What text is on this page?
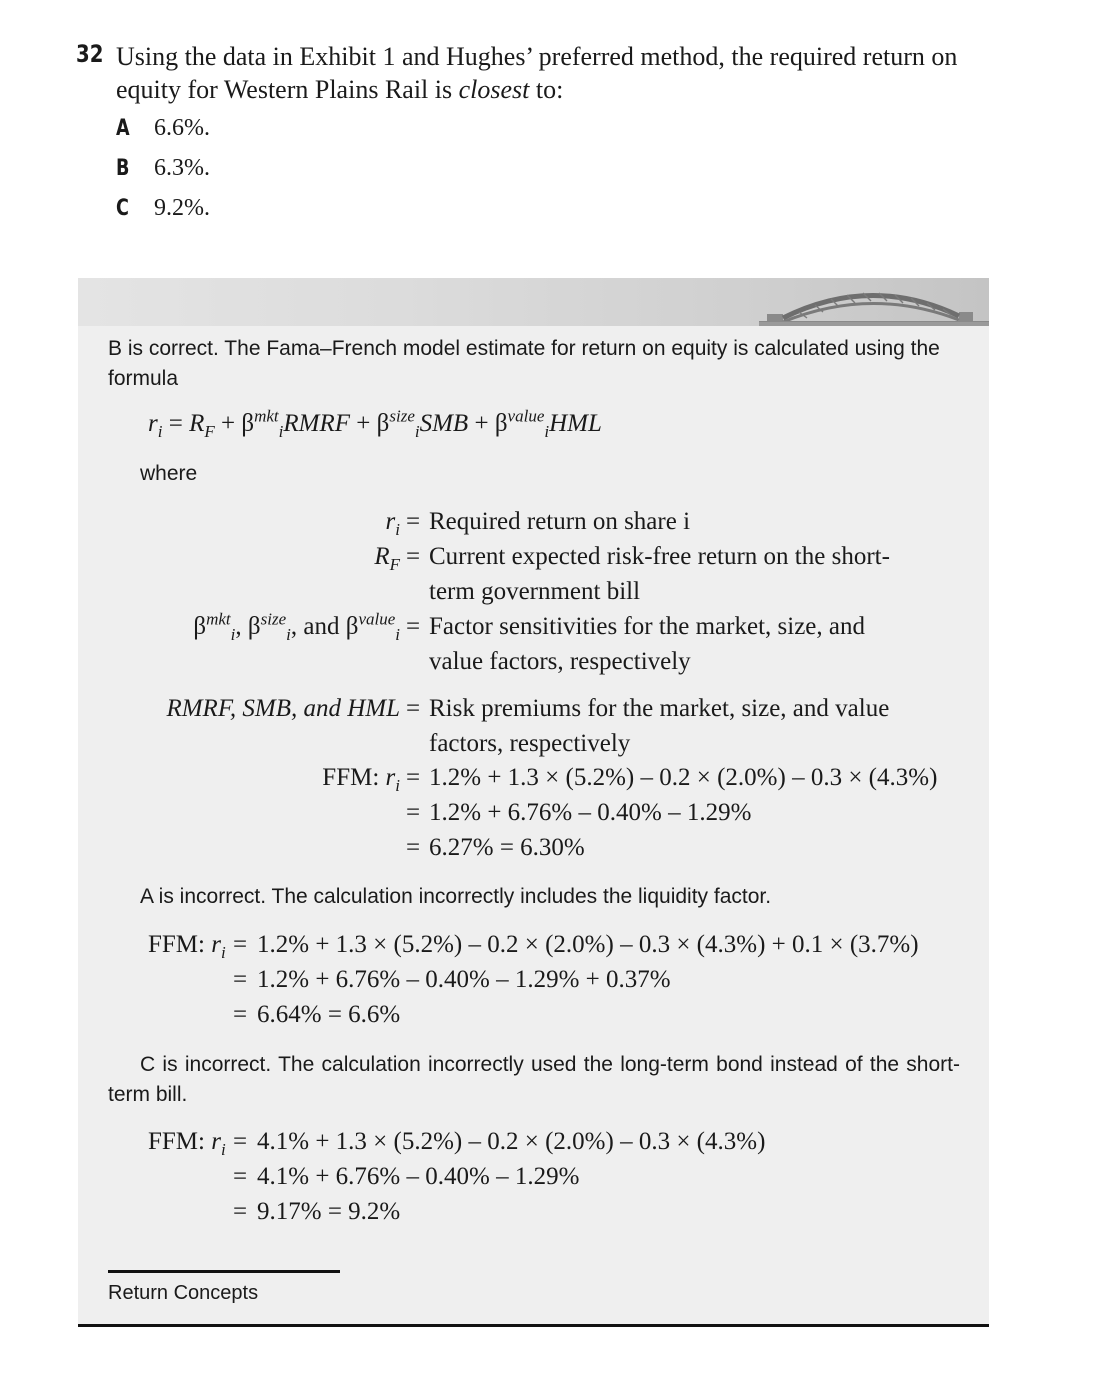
32 Using the data in Exhibit 1 and Hughes’ preferred method, the required return on equity for Western Plains Rail is closest to:
A 6.6%.
B 6.3%.
C 9.2%.
B is correct. The Fama–French model estimate for return on equity is calculated using the formula
$r_i = R_F$ + $\beta^{mkt}_iRMRF + \beta^{size}_iSMB + \beta^{value}_iHML$
where
$r_i$ = Required return on share i
$R_F$ = Current expected risk-free return on the short-
term government bill
$\beta^{mkt}_i$, $\beta^{size}_i$, and $\beta^{value}_i$ = Factor sensitivities for the market, size, and
value factors, respectively
RMRF, SMB, and HML = Risk premiums for the market, size, and value
factors, respectively
FFM: $r_i = 1.2\% + 1.3 \times (5.2\%) - 0.2 \times (2.0\%) - 0.3 \times (4.3\%)$
= 1.2% + 6.76% – 0.40% – 1.29%
= 6.27% = 6.30%
A is incorrect. The calculation incorrectly includes the liquidity factor.
FFM: $r_i = 1.2\% + 1.3 \times (5.2\%) - 0.2 \times (2.0\%) - 0.3 \times (4.3\%) + 0.1 \times (3.7\%)$
= 1.2% + 6.76% – 0.40% – 1.29% + 0.37%
= 6.64% = 6.6%
C is incorrect. The calculation incorrectly used the long-term bond instead of the short-term bill.
FFM: $r_i = 4.1\% + 1.3 \times (5.2\%) - 0.2 \times (2.0\%) - 0.3 \times (4.3\%)$
= 4.1% + 6.76% – 0.40% – 1.29%
= 9.17% = 9.2%
Return Concepts
